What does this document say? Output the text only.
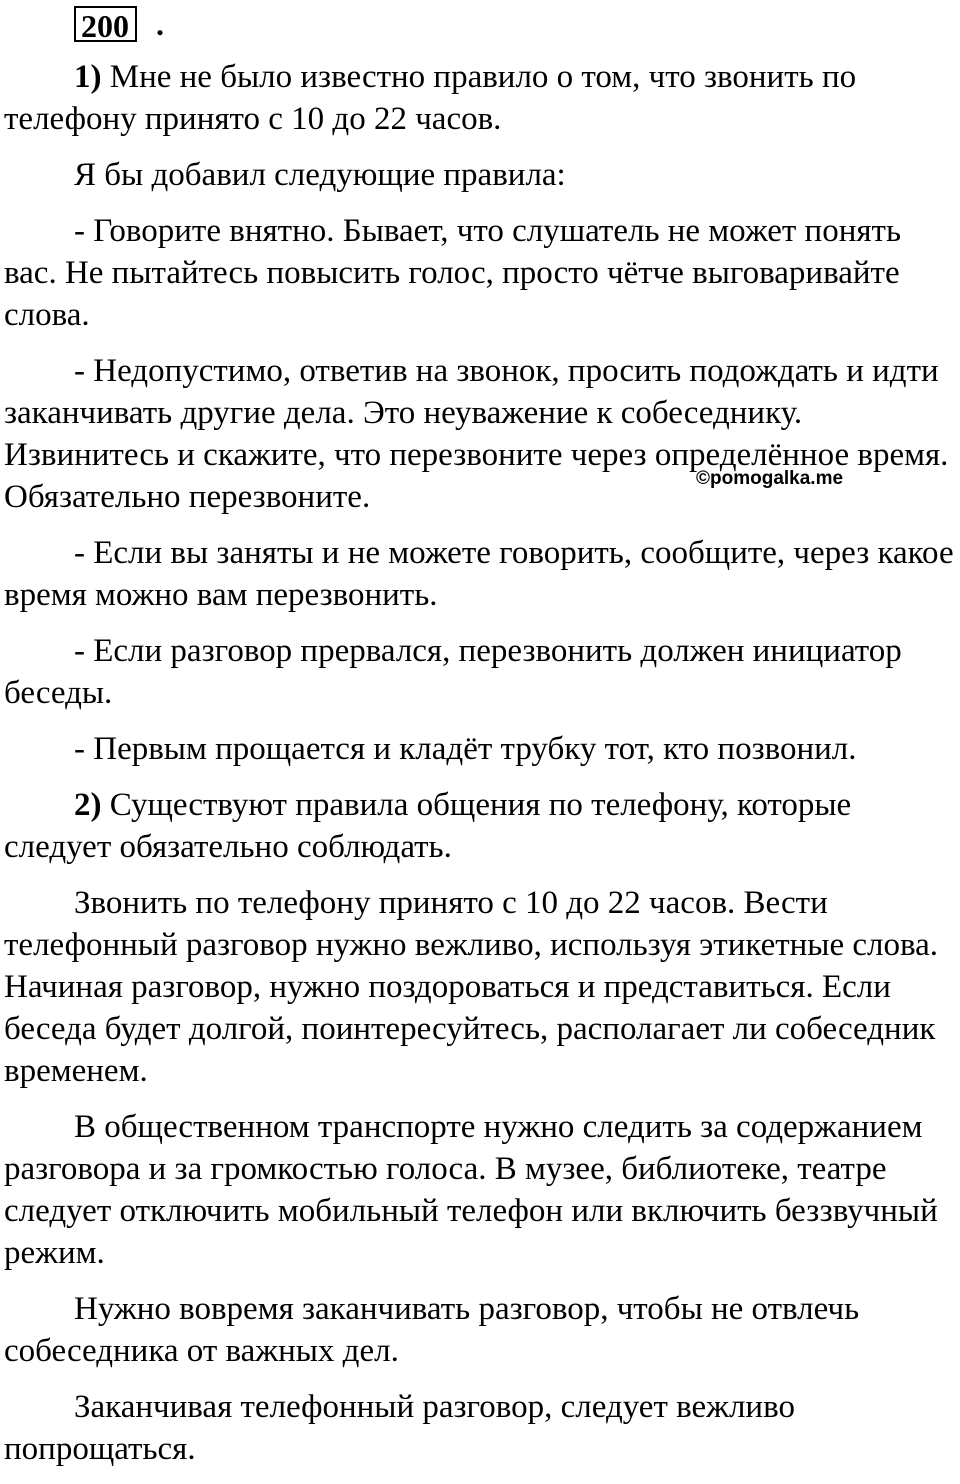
200 .

1) Мне не было известно правило о том, что звонить по телефону принято с 10 до 22 часов.

Я бы добавил следующие правила:

- Говорите внятно. Бывает, что слушатель не может понять вас. Не пытайтесь повысить голос, просто чётче выговаривайте слова.

- Недопустимо, ответив на звонок, просить подождать и идти заканчивать другие дела. Это неуважение к собеседнику. Извинитесь и скажите, что перезвоните через определённое время. Обязательно перезвоните.

- Если вы заняты и не можете говорить, сообщите, через какое время можно вам перезвонить.

- Если разговор прервался, перезвонить должен инициатор беседы.

- Первым прощается и кладёт трубку тот, кто позвонил.

2) Существуют правила общения по телефону, которые следует обязательно соблюдать.

Звонить по телефону принято с 10 до 22 часов. Вести телефонный разговор нужно вежливо, используя этикетные слова. Начиная разговор, нужно поздороваться и представиться. Если беседа будет долгой, поинтересуйтесь, располагает ли собеседник временем.

В общественном транспорте нужно следить за содержанием разговора и за громкостью голоса. В музее, библиотеке, театре следует отключить мобильный телефон или включить беззвучный режим.

Нужно вовремя заканчивать разговор, чтобы не отвлечь собеседника от важных дел.

Заканчивая телефонный разговор, следует вежливо попрощаться.

©pomogalka.me
